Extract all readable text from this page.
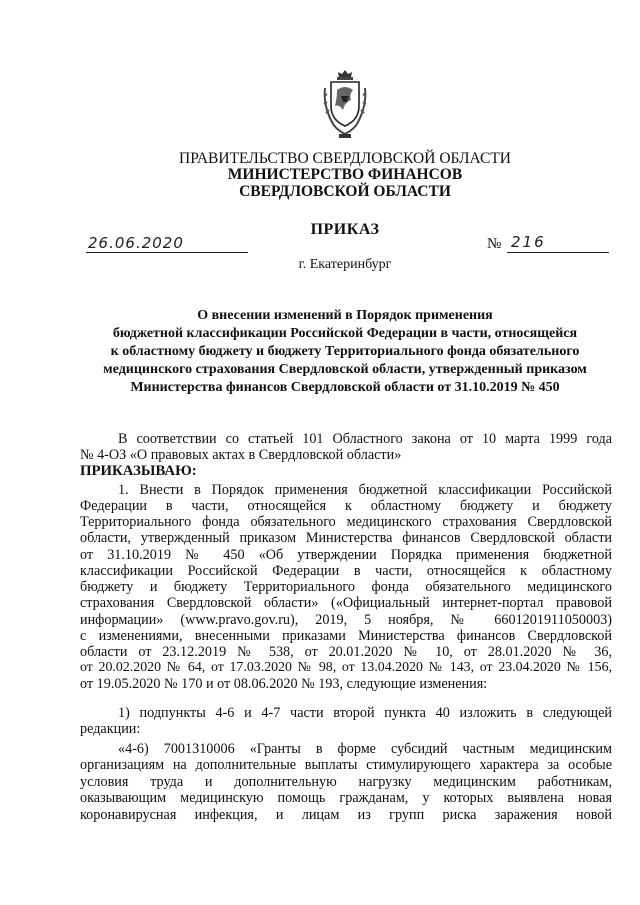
ПРАВИТЕЛЬСТВО СВЕРДЛОВСКОЙ ОБЛАСТИ
МИНИСТЕРСТВО ФИНАНСОВ
СВЕРДЛОВСКОЙ ОБЛАСТИ
ПРИКАЗ
26.06.2020	№ 216
г. Екатеринбург
О внесении изменений в Порядок применения
бюджетной классификации Российской Федерации в части, относящейся
к областному бюджету и бюджету Территориального фонда обязательного
медицинского страхования Свердловской области, утвержденный приказом
Министерства финансов Свердловской области от 31.10.2019 № 450
В соответствии со статьей 101 Областного закона от 10 марта 1999 года
№ 4-ОЗ «О правовых актах в Свердловской области»
ПРИКАЗЫВАЮ:
1. Внести в Порядок применения бюджетной классификации Российской
Федерации в части, относящейся к областному бюджету и бюджету
Территориального фонда обязательного медицинского страхования Свердловской
области, утвержденный приказом Министерства финансов Свердловской области
от 31.10.2019 № 450 «Об утверждении Порядка применения бюджетной
классификации Российской Федерации в части, относящейся к областному
бюджету и бюджету Территориального фонда обязательного медицинского
страхования Свердловской области» («Официальный интернет-портал правовой
информации» (www.pravo.gov.ru), 2019, 5 ноября, № 6601201911050003)
с изменениями, внесенными приказами Министерства финансов Свердловской
области от 23.12.2019 № 538, от 20.01.2020 № 10, от 28.01.2020 № 36,
от 20.02.2020 № 64, от 17.03.2020 № 98, от 13.04.2020 № 143, от 23.04.2020 № 156,
от 19.05.2020 № 170 и от 08.06.2020 № 193, следующие изменения:
1) подпункты 4-6 и 4-7 части второй пункта 40 изложить в следующей
редакции:
«4-6) 7001310006 «Гранты в форме субсидий частным медицинским
организациям на дополнительные выплаты стимулирующего характера за особые
условия труда и дополнительную нагрузку медицинским работникам,
оказывающим медицинскую помощь гражданам, у которых выявлена новая
коронавирусная инфекция, и лицам из групп риска заражения новой
